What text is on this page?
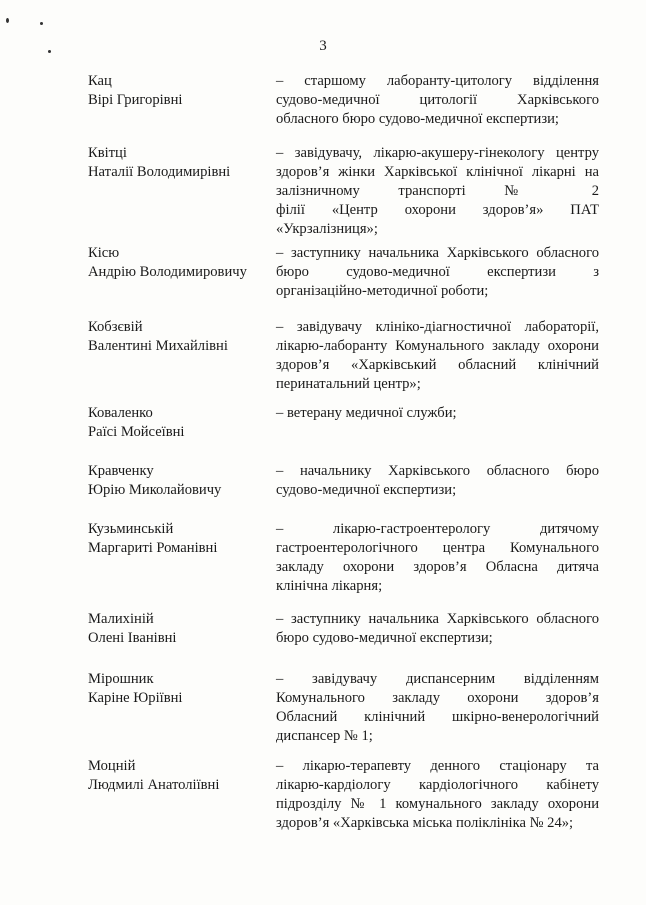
3
Кац
Вірі Григорівні
– старшому лаборанту-цитологу відділення
судово-медичної цитології Харківського
обласного бюро судово-медичної експертизи;
Квітці
Наталії Володимирівні
– завідувачу, лікарю-акушеру-гінекологу центру
здоров’я жінки Харківської клінічної лікарні на
залізничному транспорті № 2
філії «Центр охорони здоров’я» ПАТ
«Укрзалізниця»;
Кісю
Андрію Володимировичу
– заступнику начальника Харківського обласного
бюро судово-медичної експертизи з
організаційно-методичної роботи;
Кобзєвій
Валентині Михайлівні
– завідувачу клініко-діагностичної лабораторії,
лікарю-лаборанту Комунального закладу охорони
здоров’я «Харківський обласний клінічний
перинатальний центр»;
Коваленко
Раїсі Мойсеївні
– ветерану медичної служби;
Кравченку
Юрію Миколайовичу
– начальнику Харківського обласного бюро
судово-медичної експертизи;
Кузьминській
Маргариті Романівні
– лікарю-гастроентерологу дитячому
гастроентерологічного центра Комунального
закладу охорони здоров’я Обласна дитяча
клінічна лікарня;
Малихіній
Олені Іванівні
– заступнику начальника Харківського обласного
бюро судово-медичної експертизи;
Мірошник
Каріне Юріївні
– завідувачу диспансерним відділенням
Комунального закладу охорони здоров’я
Обласний клінічний шкірно-венерологічний
диспансер № 1;
Моцній
Людмилі Анатоліївні
– лікарю-терапевту денного стаціонару та
лікарю-кардіологу кардіологічного кабінету
підрозділу № 1 комунального закладу охорони
здоров’я «Харківська міська поліклініка № 24»;
